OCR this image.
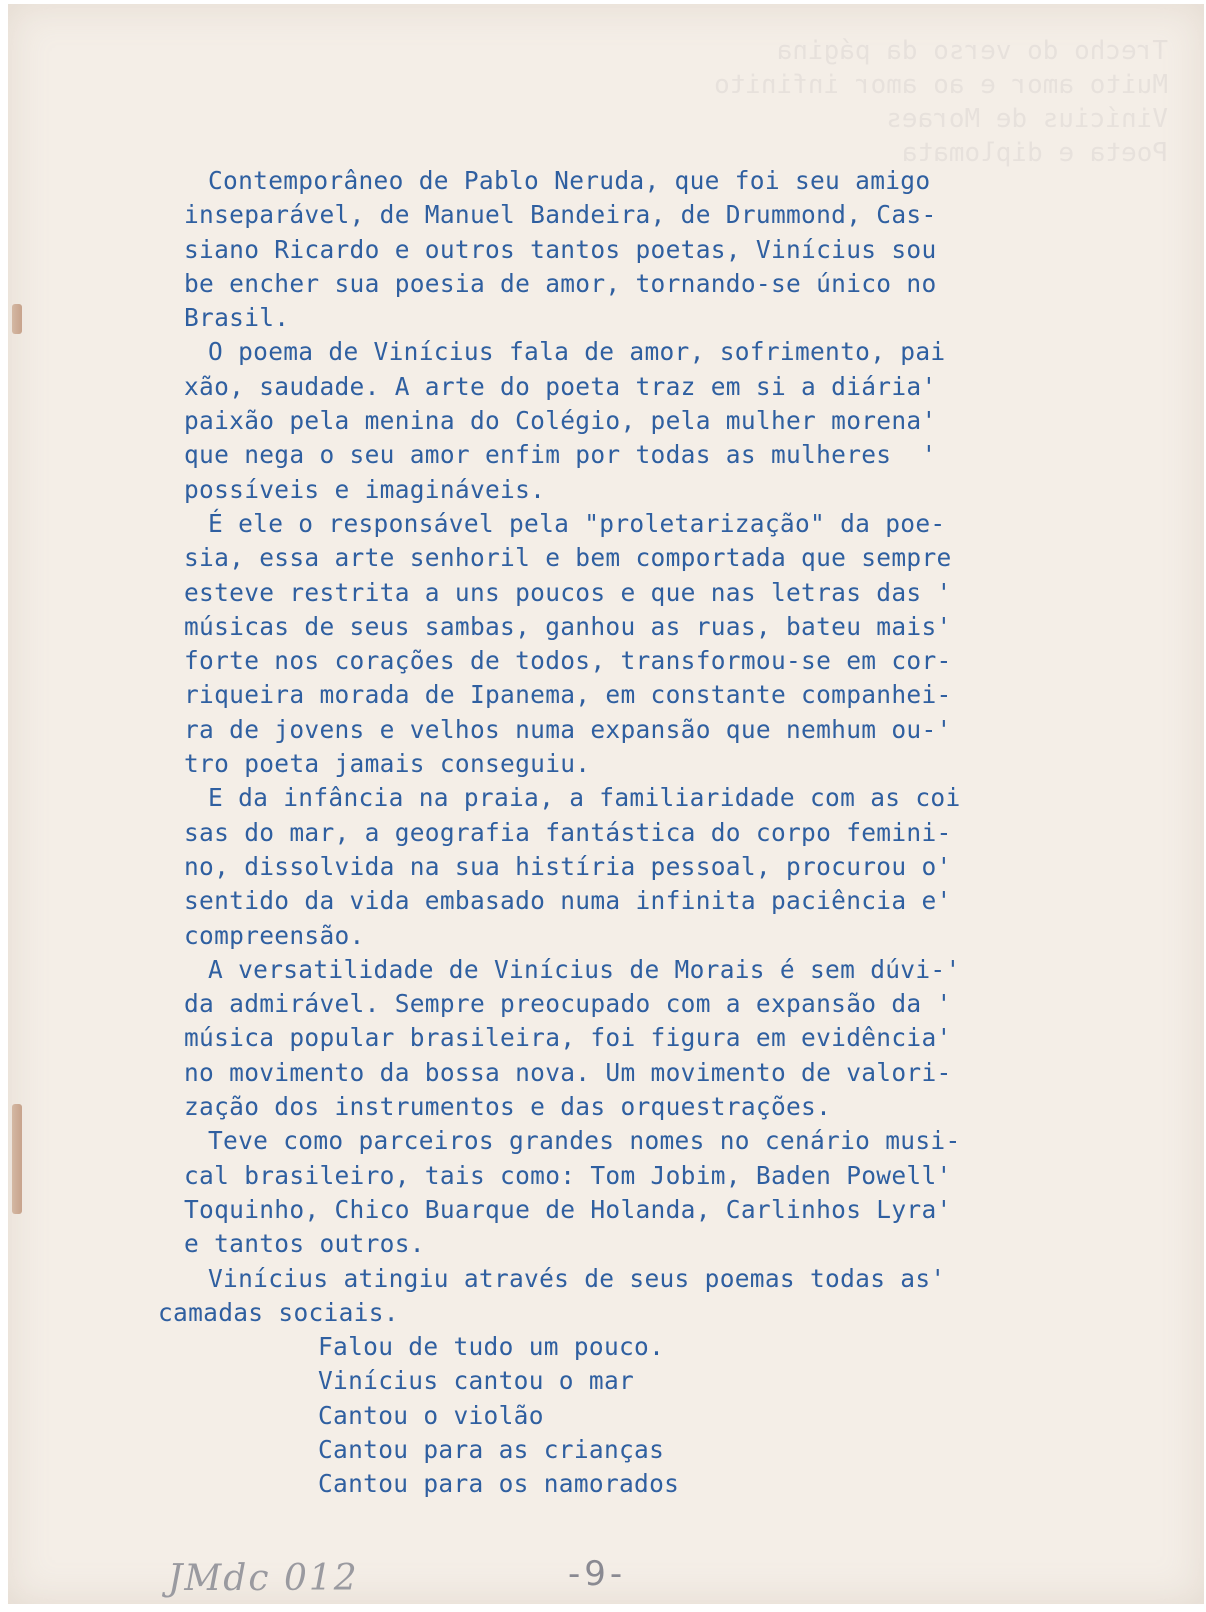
Trecho do verso da página
Muito amor e ao amor infinito
Vinícius de Moraes
Poeta e diplomata
Contemporâneo de Pablo Neruda, que foi seu amigo
inseparável, de Manuel Bandeira, de Drummond, Cas-
siano Ricardo e outros tantos poetas, Vinícius sou
be encher sua poesia de amor, tornando-se único no
Brasil.
O poema de Vinícius fala de amor, sofrimento, pai
xão, saudade. A arte do poeta traz em si a diária'
paixão pela menina do Colégio, pela mulher morena'
que nega o seu amor enfim por todas as mulheres  '
possíveis e imagináveis.
É ele o responsável pela "proletarização" da poe-
sia, essa arte senhoril e bem comportada que sempre
esteve restrita a uns poucos e que nas letras das '
músicas de seus sambas, ganhou as ruas, bateu mais'
forte nos corações de todos, transformou-se em cor-
riqueira morada de Ipanema, em constante companhei-
ra de jovens e velhos numa expansão que nemhum ou-'
tro poeta jamais conseguiu.
E da infância na praia, a familiaridade com as coi
sas do mar, a geografia fantástica do corpo femini-
no, dissolvida na sua histíria pessoal, procurou o'
sentido da vida embasado numa infinita paciência e'
compreensão.
A versatilidade de Vinícius de Morais é sem dúvi-'
da admirável. Sempre preocupado com a expansão da '
música popular brasileira, foi figura em evidência'
no movimento da bossa nova. Um movimento de valori-
zação dos instrumentos e das orquestrações.
Teve como parceiros grandes nomes no cenário musi-
cal brasileiro, tais como: Tom Jobim, Baden Powell'
Toquinho, Chico Buarque de Holanda, Carlinhos Lyra'
e tantos outros.
Vinícius atingiu através de seus poemas todas as'
camadas sociais.
Falou de tudo um pouco.
Vinícius cantou o mar
Cantou o violão
Cantou para as crianças
Cantou para os namorados
JMdc 012	-9-
